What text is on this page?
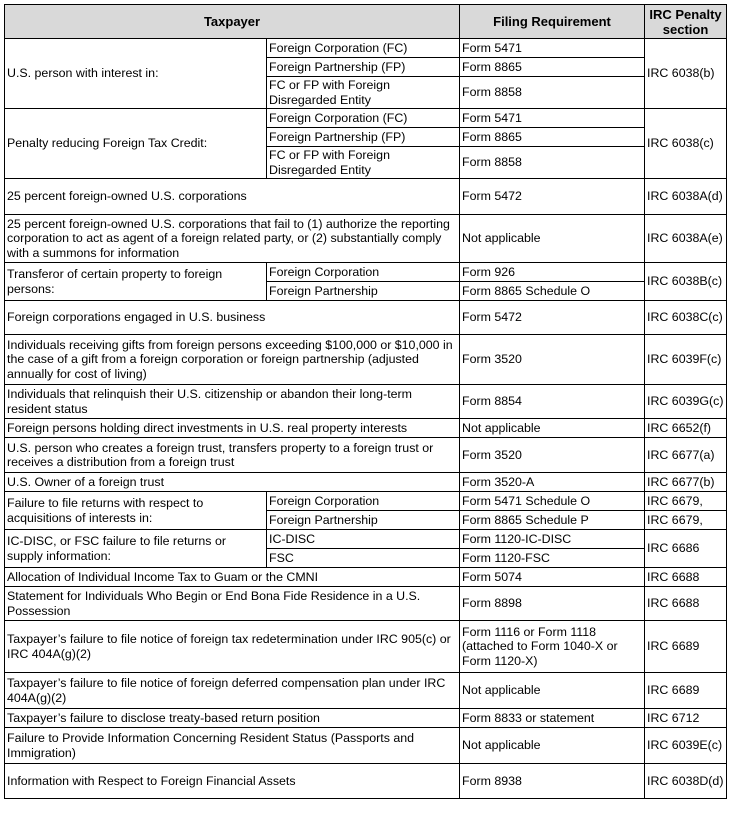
Taxpayer		Filing Requirement	IRC Penalty section
U.S. person with interest in:	Foreign Corporation (FC)	Form 5471	IRC 6038(b)
	Foreign Partnership (FP)	Form 8865	
	FC or FP with Foreign Disregarded Entity	Form 8858	
Penalty reducing Foreign Tax Credit:	Foreign Corporation (FC)	Form 5471	IRC 6038(c)
	Foreign Partnership (FP)	Form 8865	
	FC or FP with Foreign Disregarded Entity	Form 8858	
25 percent foreign-owned U.S. corporations		Form 5472	IRC 6038A(d)
25 percent foreign-owned U.S. corporations that fail to (1) authorize the reporting corporation to act as agent of a foreign related party, or (2) substantially comply with a summons for information		Not applicable	IRC 6038A(e)
Transferor of certain property to foreign persons:	Foreign Corporation	Form 926	IRC 6038B(c)
	Foreign Partnership	Form 8865 Schedule O	
Foreign corporations engaged in U.S. business		Form 5472	IRC 6038C(c)
Individuals receiving gifts from foreign persons exceeding $100,000 or $10,000 in the case of a gift from a foreign corporation or foreign partnership (adjusted annually for cost of living)		Form 3520	IRC 6039F(c)
Individuals that relinquish their U.S. citizenship or abandon their long-term resident status		Form 8854	IRC 6039G(c)
Foreign persons holding direct investments in U.S. real property interests		Not applicable	IRC 6652(f)
U.S. person who creates a foreign trust, transfers property to a foreign trust or receives a distribution from a foreign trust		Form 3520	IRC 6677(a)
U.S. Owner of a foreign trust		Form 3520-A	IRC 6677(b)
Failure to file returns with respect to acquisitions of interests in:	Foreign Corporation	Form 5471 Schedule O	IRC 6679,
	Foreign Partnership	Form 8865 Schedule P	IRC 6679,
IC-DISC, or FSC failure to file returns or supply information:	IC-DISC	Form 1120-IC-DISC	IRC 6686
	FSC	Form 1120-FSC	
Allocation of Individual Income Tax to Guam or the CMNI		Form 5074	IRC 6688
Statement for Individuals Who Begin or End Bona Fide Residence in a U.S. Possession		Form 8898	IRC 6688
Taxpayer’s failure to file notice of foreign tax redetermination under IRC 905(c) or IRC 404A(g)(2)		Form 1116 or Form 1118 (attached to Form 1040-X or Form 1120-X)	IRC 6689
Taxpayer’s failure to file notice of foreign deferred compensation plan under IRC 404A(g)(2)		Not applicable	IRC 6689
Taxpayer’s failure to disclose treaty-based return position		Form 8833 or statement	IRC 6712
Failure to Provide Information Concerning Resident Status (Passports and Immigration)		Not applicable	IRC 6039E(c)
Information with Respect to Foreign Financial Assets		Form 8938	IRC 6038D(d)
